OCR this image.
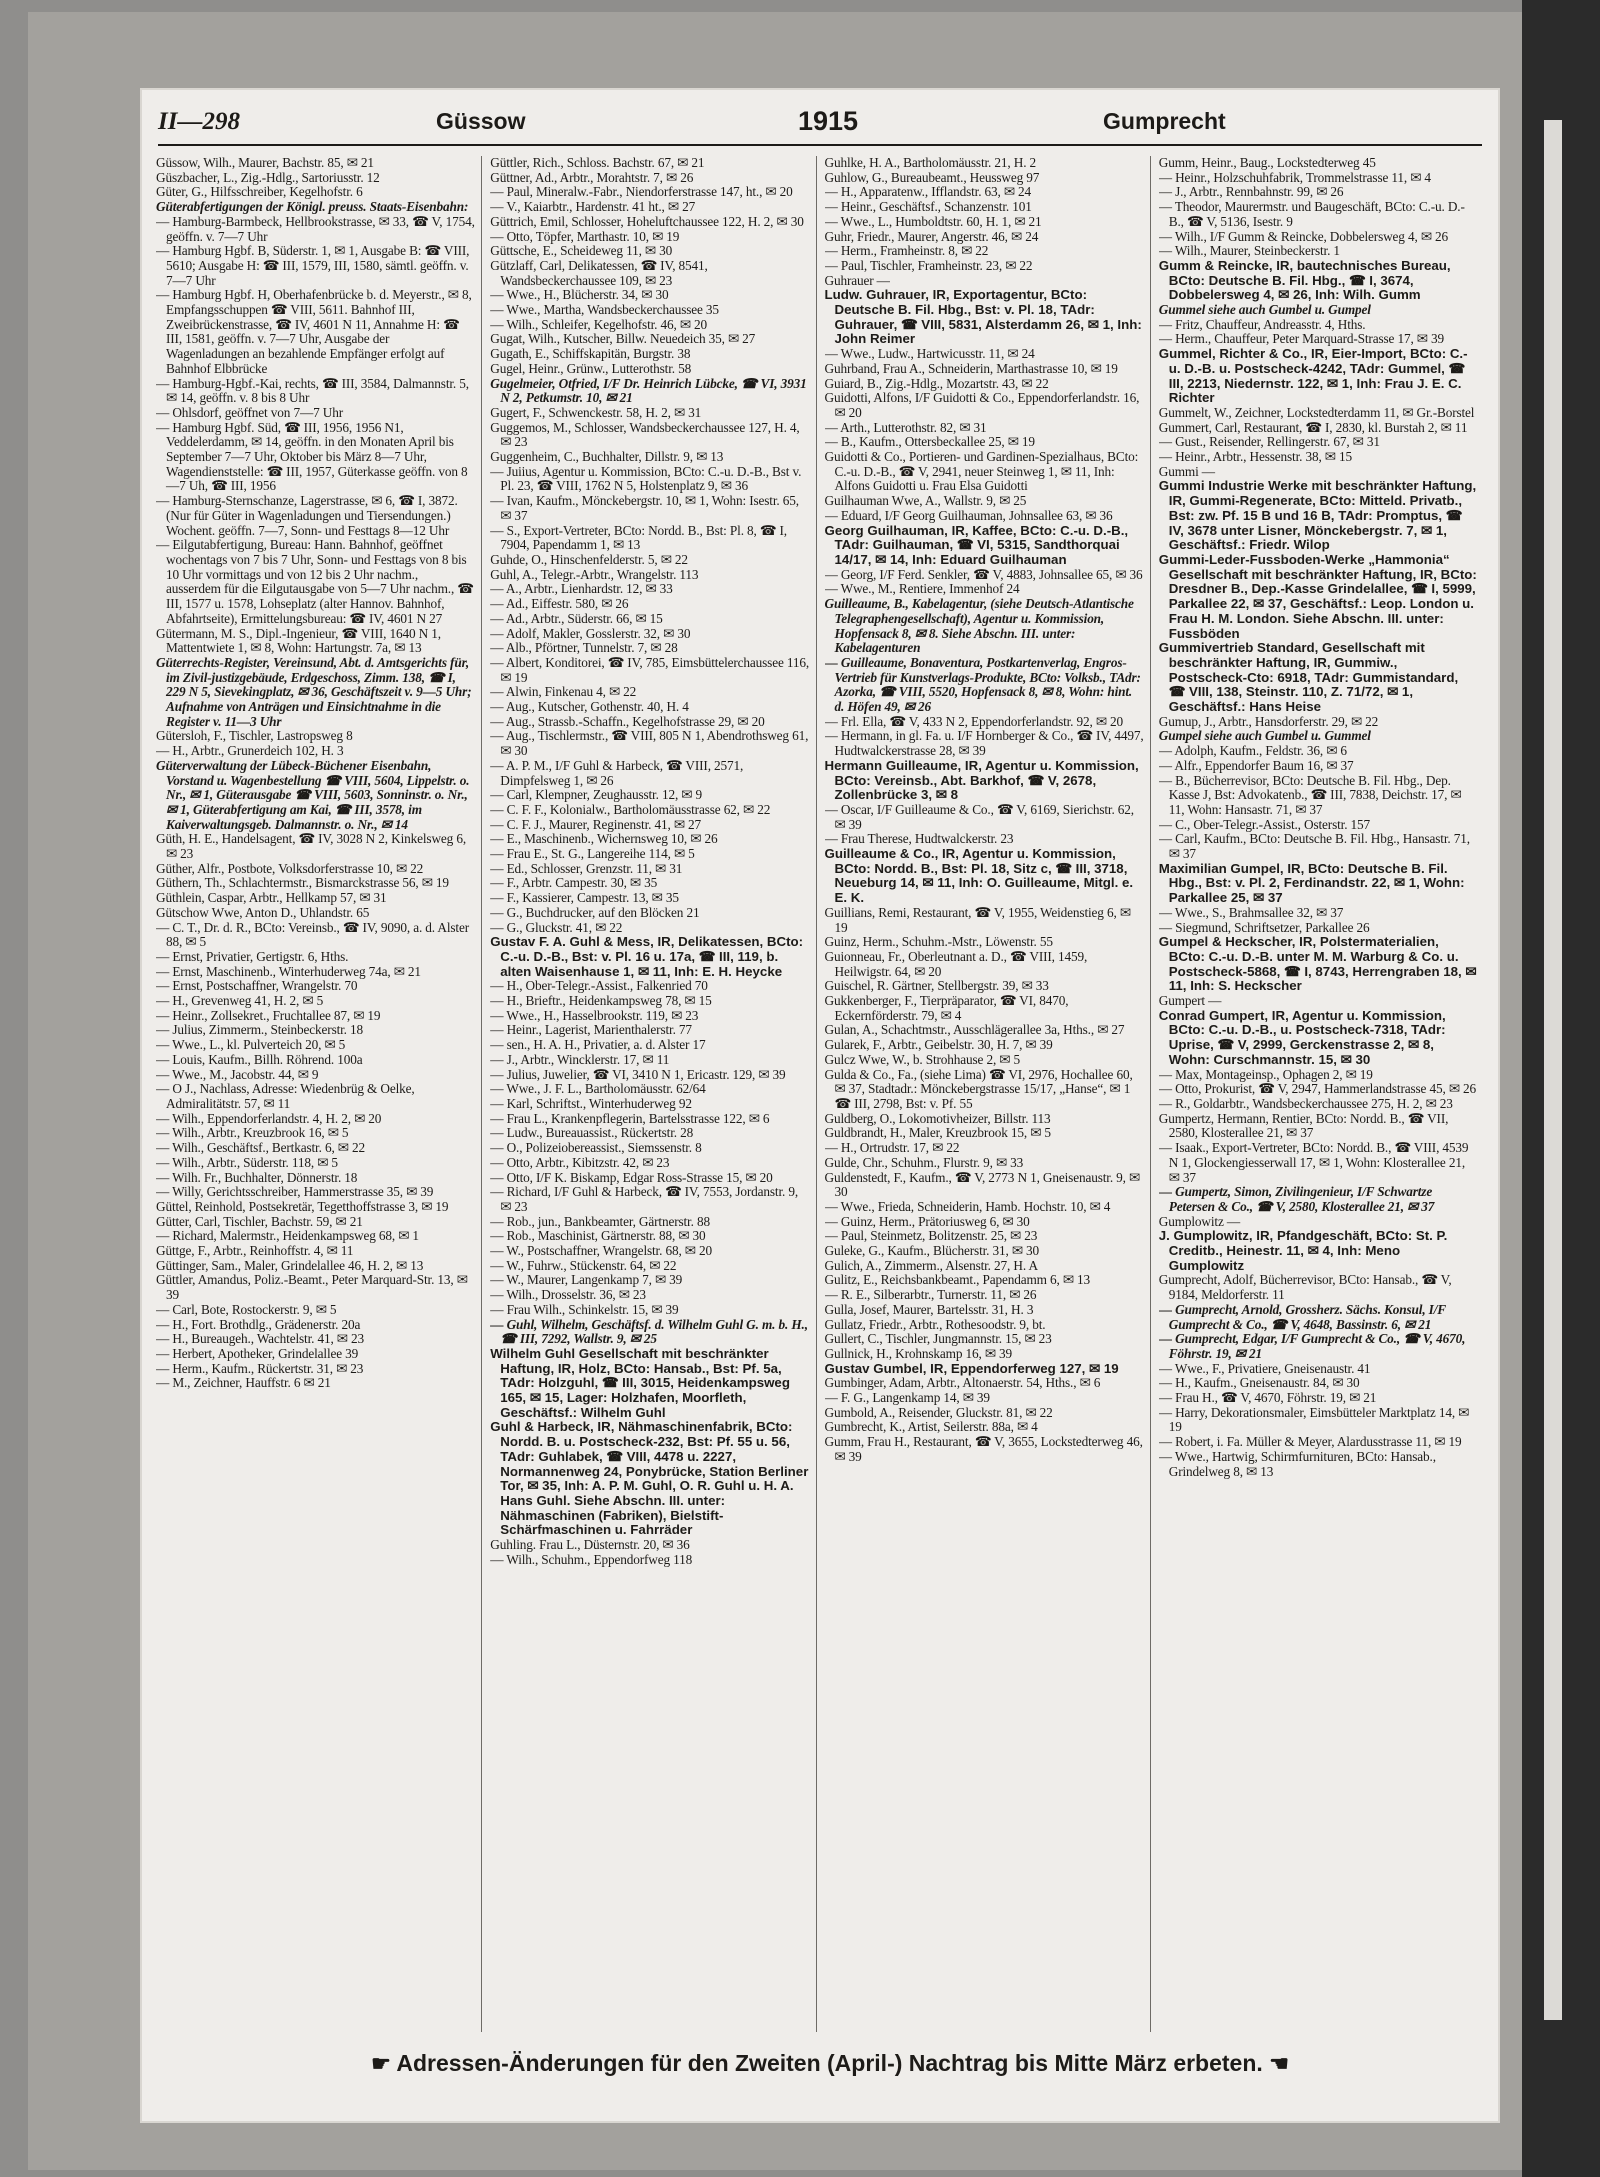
II—298	Güssow	1915	Gumprecht

Güssow, Wilh., Maurer, Bachstr. 85, ✉ 21

Güszbacher, L., Zig.-Hdlg., Sartoriusstr. 12

Güter, G., Hilfsschreiber, Kegelhofstr. 6

Güterabfertigungen der Königl. preuss. Staats-Eisenbahn:

— Hamburg-Barmbeck, Hellbrookstrasse, ✉ 33, ☎ V, 1754, geöffn. v. 7—7 Uhr

— Hamburg Hgbf. B, Süderstr. 1, ✉ 1, Ausgabe B: ☎ VIII, 5610; Ausgabe H: ☎ III, 1579, III, 1580, sämtl. geöffn. v. 7—7 Uhr

— Hamburg Hgbf. H, Oberhafenbrücke b. d. Meyerstr., ✉ 8, Empfangsschuppen ☎ VIII, 5611. Bahnhof III, Zweibrückenstrasse, ☎ IV, 4601 N 11, Annahme H: ☎ III, 1581, geöffn. v. 7—7 Uhr, Ausgabe der Wagenladungen an bezahlende Empfänger erfolgt auf Bahnhof Elbbrücke

— Hamburg-Hgbf.-Kai, rechts, ☎ III, 3584, Dalmannstr. 5, ✉ 14, geöffn. v. 8 bis 8 Uhr

— Ohlsdorf, geöffnet von 7—7 Uhr

— Hamburg Hgbf. Süd, ☎ III, 1956, 1956 N1, Veddelerdamm, ✉ 14, geöffn. in den Monaten April bis September 7—7 Uhr, Oktober bis März 8—7 Uhr, Wagendienststelle: ☎ III, 1957, Güterkasse geöffn. von 8—7 Uh, ☎ III, 1956

— Hamburg-Sternschanze, Lagerstrasse, ✉ 6, ☎ I, 3872. (Nur für Güter in Wagenladungen und Tiersendungen.) Wochent. geöffn. 7—7, Sonn- und Festtags 8—12 Uhr

— Eilgutabfertigung, Bureau: Hann. Bahnhof, geöffnet wochentags von 7 bis 7 Uhr, Sonn- und Festtags von 8 bis 10 Uhr vormittags und von 12 bis 2 Uhr nachm., ausserdem für die Eilgutausgabe von 5—7 Uhr nachm., ☎ III, 1577 u. 1578, Lohseplatz (alter Hannov. Bahnhof, Abfahrtseite), Ermittelungsbureau: ☎ IV, 4601 N 27

Gütermann, M. S., Dipl.-Ingenieur, ☎ VIII, 1640 N 1, Mattentwiete 1, ✉ 8, Wohn: Hartungstr. 7a, ✉ 13

Güterrechts-Register, Vereinsund, Abt. d. Amtsgerichts für, im Zivil-justizgebäude, Erdgeschoss, Zimm. 138, ☎ I, 229 N 5, Sievekingplatz, ✉ 36, Geschäftszeit v. 9—5 Uhr; Aufnahme von Anträgen und Einsichtnahme in die Register v. 11—3 Uhr

Gütersloh, F., Tischler, Lastropsweg 8

— H., Arbtr., Grunerdeich 102, H. 3

Güterverwaltung der Lübeck-Büchener Eisenbahn, Vorstand u. Wagenbestellung ☎ VIII, 5604, Lippelstr. o. Nr., ✉ 1, Güterausgabe ☎ VIII, 5603, Sonninstr. o. Nr., ✉ 1, Güterabfertigung am Kai, ☎ III, 3578, im Kaiverwaltungsgeb. Dalmannstr. o. Nr., ✉ 14

Güth, H. E., Handelsagent, ☎ IV, 3028 N 2, Kinkelsweg 6, ✉ 23

Güther, Alfr., Postbote, Volksdorferstrasse 10, ✉ 22

Güthern, Th., Schlachtermstr., Bismarckstrasse 56, ✉ 19

Güthlein, Caspar, Arbtr., Hellkamp 57, ✉ 31

Gütschow Wwe, Anton D., Uhlandstr. 65

— C. T., Dr. d. R., BCto: Vereinsb., ☎ IV, 9090, a. d. Alster 88, ✉ 5

— Ernst, Privatier, Gertigstr. 6, Hths.

— Ernst, Maschinenb., Winterhuderweg 74a, ✉ 21

— Ernst, Postschaffner, Wrangelstr. 70

— H., Grevenweg 41, H. 2, ✉ 5

— Heinr., Zollsekret., Fruchtallee 87, ✉ 19

— Julius, Zimmerm., Steinbeckerstr. 18

— Wwe., L., kl. Pulverteich 20, ✉ 5

— Louis, Kaufm., Billh. Röhrend. 100a

— Wwe., M., Jacobstr. 44, ✉ 9

— O J., Nachlass, Adresse: Wiedenbrüg & Oelke, Admiralitätstr. 57, ✉ 11

— Wilh., Eppendorferlandstr. 4, H. 2, ✉ 20

— Wilh., Arbtr., Kreuzbrook 16, ✉ 5

— Wilh., Geschäftsf., Bertkastr. 6, ✉ 22

— Wilh., Arbtr., Süderstr. 118, ✉ 5

— Wilh. Fr., Buchhalter, Dönnerstr. 18

— Willy, Gerichtsschreiber, Hammerstrasse 35, ✉ 39

Güttel, Reinhold, Postsekretär, Tegetthoffstrasse 3, ✉ 19

Gütter, Carl, Tischler, Bachstr. 59, ✉ 21

— Richard, Malermstr., Heidenkampsweg 68, ✉ 1

Güttge, F., Arbtr., Reinhoffstr. 4, ✉ 11

Güttinger, Sam., Maler, Grindelallee 46, H. 2, ✉ 13

Güttler, Amandus, Poliz.-Beamt., Peter Marquard-Str. 13, ✉ 39

— Carl, Bote, Rostockerstr. 9, ✉ 5

— H., Fort. Brothdlg., Grädenerstr. 20a

— H., Bureaugeh., Wachtelstr. 41, ✉ 23

— Herbert, Apotheker, Grindelallee 39

— Herm., Kaufm., Rückertstr. 31, ✉ 23

— M., Zeichner, Hauffstr. 6 ✉ 21

Güttler, Rich., Schloss. Bachstr. 67, ✉ 21

Güttner, Ad., Arbtr., Morahtstr. 7, ✉ 26

— Paul, Mineralw.-Fabr., Niendorferstrasse 147, ht., ✉ 20

— V., Kaiarbtr., Hardenstr. 41 ht., ✉ 27

Güttrich, Emil, Schlosser, Hoheluftchaussee 122, H. 2, ✉ 30

— Otto, Töpfer, Marthastr. 10, ✉ 19

Güttsche, E., Scheideweg 11, ✉ 30

Gützlaff, Carl, Delikatessen, ☎ IV, 8541, Wandsbeckerchaussee 109, ✉ 23

— Wwe., H., Blücherstr. 34, ✉ 30

— Wwe., Martha, Wandsbeckerchaussee 35

— Wilh., Schleifer, Kegelhofstr. 46, ✉ 20

Gugat, Wilh., Kutscher, Billw. Neuedeich 35, ✉ 27

Gugath, E., Schiffskapitän, Burgstr. 38

Gugel, Heinr., Grünw., Lutterothstr. 58

Gugelmeier, Otfried, I/F Dr. Heinrich Lübcke, ☎ VI, 3931 N 2, Petkumstr. 10, ✉ 21

Gugert, F., Schwenckestr. 58, H. 2, ✉ 31

Guggemos, M., Schlosser, Wandsbeckerchaussee 127, H. 4, ✉ 23

Guggenheim, C., Buchhalter, Dillstr. 9, ✉ 13

— Juiius, Agentur u. Kommission, BCto: C.-u. D.-B., Bst v. Pl. 23, ☎ VIII, 1762 N 5, Holstenplatz 9, ✉ 36

— Ivan, Kaufm., Mönckebergstr. 10, ✉ 1, Wohn: Isestr. 65, ✉ 37

— S., Export-Vertreter, BCto: Nordd. B., Bst: Pl. 8, ☎ I, 7904, Papendamm 1, ✉ 13

Guhde, O., Hinschenfelderstr. 5, ✉ 22

Guhl, A., Telegr.-Arbtr., Wrangelstr. 113

— A., Arbtr., Lienhardstr. 12, ✉ 33

— Ad., Eiffestr. 580, ✉ 26

— Ad., Arbtr., Süderstr. 66, ✉ 15

— Adolf, Makler, Gosslerstr. 32, ✉ 30

— Alb., Pförtner, Tunnelstr. 7, ✉ 28

— Albert, Konditorei, ☎ IV, 785, Eimsbüttelerchaussee 116, ✉ 19

— Alwin, Finkenau 4, ✉ 22

— Aug., Kutscher, Gothenstr. 40, H. 4

— Aug., Strassb.-Schaffn., Kegelhofstrasse 29, ✉ 20

— Aug., Tischlermstr., ☎ VIII, 805 N 1, Abendrothsweg 61, ✉ 30

— A. P. M., I/F Guhl & Harbeck, ☎ VIII, 2571, Dimpfelsweg 1, ✉ 26

— Carl, Klempner, Zeughausstr. 12, ✉ 9

— C. F. F., Kolonialw., Bartholomäusstrasse 62, ✉ 22

— C. F. J., Maurer, Reginenstr. 41, ✉ 27

— E., Maschinenb., Wichernsweg 10, ✉ 26

— Frau E., St. G., Langereihe 114, ✉ 5

— Ed., Schlosser, Grenzstr. 11, ✉ 31

— F., Arbtr. Campestr. 30, ✉ 35

— F., Kassierer, Campestr. 13, ✉ 35

— G., Buchdrucker, auf den Blöcken 21

— G., Gluckstr. 41, ✉ 22

Gustav F. A. Guhl & Mess, IR, Delikatessen, BCto: C.-u. D.-B., Bst: v. Pl. 16 u. 17a, ☎ III, 119, b. alten Waisenhause 1, ✉ 11, Inh: E. H. Heycke

— H., Ober-Telegr.-Assist., Falkenried 70

— H., Brieftr., Heidenkampsweg 78, ✉ 15

— Wwe., H., Hasselbrookstr. 119, ✉ 23

— Heinr., Lagerist, Marienthalerstr. 77

— sen., H. A. H., Privatier, a. d. Alster 17

— J., Arbtr., Wincklerstr. 17, ✉ 11

— Julius, Juwelier, ☎ VI, 3410 N 1, Ericastr. 129, ✉ 39

— Wwe., J. F. L., Bartholomäusstr. 62/64

— Karl, Schriftst., Winterhuderweg 92

— Frau L., Krankenpflegerin, Bartelsstrasse 122, ✉ 6

— Ludw., Bureauassist., Rückertstr. 28

— O., Polizeiobereassist., Siemssenstr. 8

— Otto, Arbtr., Kibitzstr. 42, ✉ 23

— Otto, I/F K. Biskamp, Edgar Ross-Strasse 15, ✉ 20

— Richard, I/F Guhl & Harbeck, ☎ IV, 7553, Jordanstr. 9, ✉ 23

— Rob., jun., Bankbeamter, Gärtnerstr. 88

— Rob., Maschinist, Gärtnerstr. 88, ✉ 30

— W., Postschaffner, Wrangelstr. 68, ✉ 20

— W., Fuhrw., Stückenstr. 64, ✉ 22

— W., Maurer, Langenkamp 7, ✉ 39

— Wilh., Drosselstr. 36, ✉ 23

— Frau Wilh., Schinkelstr. 15, ✉ 39

— Guhl, Wilhelm, Geschäftsf. d. Wilhelm Guhl G. m. b. H., ☎ III, 7292, Wallstr. 9, ✉ 25

Wilhelm Guhl Gesellschaft mit beschränkter Haftung, IR, Holz, BCto: Hansab., Bst: Pf. 5a, TAdr: Holzguhl, ☎ III, 3015, Heidenkampsweg 165, ✉ 15, Lager: Holzhafen, Moorfleth, Geschäftsf.: Wilhelm Guhl

Guhl & Harbeck, IR, Nähmaschinenfabrik, BCto: Nordd. B. u. Postscheck-232, Bst: Pf. 55 u. 56, TAdr: Guhlabek, ☎ VIII, 4478 u. 2227, Normannenweg 24, Ponybrücke, Station Berliner Tor, ✉ 35, Inh: A. P. M. Guhl, O. R. Guhl u. H. A. Hans Guhl. Siehe Abschn. III. unter: Nähmaschinen (Fabriken), Bielstift-Schärfmaschinen u. Fahrräder

Guhling. Frau L., Düsternstr. 20, ✉ 36

— Wilh., Schuhm., Eppendorfweg 118

Guhlke, H. A., Bartholomäusstr. 21, H. 2

Guhlow, G., Bureaubeamt., Heussweg 97

— H., Apparatenw., Ifflandstr. 63, ✉ 24

— Heinr., Geschäftsf., Schanzenstr. 101

— Wwe., L., Humboldtstr. 60, H. 1, ✉ 21

Guhr, Friedr., Maurer, Angerstr. 46, ✉ 24

— Herm., Framheinstr. 8, ✉ 22

— Paul, Tischler, Framheinstr. 23, ✉ 22

Guhrauer —

Ludw. Guhrauer, IR, Exportagentur, BCto: Deutsche B. Fil. Hbg., Bst: v. Pl. 18, TAdr: Guhrauer, ☎ VIII, 5831, Alsterdamm 26, ✉ 1, Inh: John Reimer

— Wwe., Ludw., Hartwicusstr. 11, ✉ 24

Guhrband, Frau A., Schneiderin, Marthastrasse 10, ✉ 19

Guiard, B., Zig.-Hdlg., Mozartstr. 43, ✉ 22

Guidotti, Alfons, I/F Guidotti & Co., Eppendorferlandstr. 16, ✉ 20

— Arth., Lutterothstr. 82, ✉ 31

— B., Kaufm., Ottersbeckallee 25, ✉ 19

Guidotti & Co., Portieren- und Gardinen-Spezialhaus, BCto: C.-u. D.-B., ☎ V, 2941, neuer Steinweg 1, ✉ 11, Inh: Alfons Guidotti u. Frau Elsa Guidotti

Guilhauman Wwe, A., Wallstr. 9, ✉ 25

— Eduard, I/F Georg Guilhauman, Johnsallee 63, ✉ 36

Georg Guilhauman, IR, Kaffee, BCto: C.-u. D.-B., TAdr: Guilhauman, ☎ VI, 5315, Sandthorquai 14/17, ✉ 14, Inh: Eduard Guilhauman

— Georg, I/F Ferd. Senkler, ☎ V, 4883, Johnsallee 65, ✉ 36

— Wwe., M., Rentiere, Immenhof 24

Guilleaume, B., Kabelagentur, (siehe Deutsch-Atlantische Telegraphengesellschaft), Agentur u. Kommission, Hopfensack 8, ✉ 8. Siehe Abschn. III. unter: Kabelagenturen

— Guilleaume, Bonaventura, Postkartenverlag, Engros-Vertrieb für Kunstverlags-Produkte, BCto: Volksb., TAdr: Azorka, ☎ VIII, 5520, Hopfensack 8, ✉ 8, Wohn: hint. d. Höfen 49, ✉ 26

— Frl. Ella, ☎ V, 433 N 2, Eppendorferlandstr. 92, ✉ 20

— Hermann, in gl. Fa. u. I/F Hornberger & Co., ☎ IV, 4497, Hudtwalckerstrasse 28, ✉ 39

Hermann Guilleaume, IR, Agentur u. Kommission, BCto: Vereinsb., Abt. Barkhof, ☎ V, 2678, Zollenbrücke 3, ✉ 8

— Oscar, I/F Guilleaume & Co., ☎ V, 6169, Sierichstr. 62, ✉ 39

— Frau Therese, Hudtwalckerstr. 23

Guilleaume & Co., IR, Agentur u. Kommission, BCto: Nordd. B., Bst: Pl. 18, Sitz c, ☎ III, 3718, Neueburg 14, ✉ 11, Inh: O. Guilleaume, Mitgl. e. E. K.

Guillians, Remi, Restaurant, ☎ V, 1955, Weidenstieg 6, ✉ 19

Guinz, Herm., Schuhm.-Mstr., Löwenstr. 55

Guionneau, Fr., Oberleutnant a. D., ☎ VIII, 1459, Heilwigstr. 64, ✉ 20

Guischel, R. Gärtner, Stellbergstr. 39, ✉ 33

Gukkenberger, F., Tierpräparator, ☎ VI, 8470, Eckernförderstr. 79, ✉ 4

Gulan, A., Schachtmstr., Ausschlägerallee 3a, Hths., ✉ 27

Gularek, F., Arbtr., Geibelstr. 30, H. 7, ✉ 39

Gulcz Wwe, W., b. Strohhause 2, ✉ 5

Gulda & Co., Fa., (siehe Lima) ☎ VI, 2976, Hochallee 60, ✉ 37, Stadtadr.: Mönckebergstrasse 15/17, „Hanse“, ✉ 1 ☎ III, 2798, Bst: v. Pf. 55

Guldberg, O., Lokomotivheizer, Billstr. 113

Guldbrandt, H., Maler, Kreuzbrook 15, ✉ 5

— H., Ortrudstr. 17, ✉ 22

Gulde, Chr., Schuhm., Flurstr. 9, ✉ 33

Guldenstedt, F., Kaufm., ☎ V, 2773 N 1, Gneisenaustr. 9, ✉ 30

— Wwe., Frieda, Schneiderin, Hamb. Hochstr. 10, ✉ 4

— Guinz, Herm., Prätoriusweg 6, ✉ 30

— Paul, Steinmetz, Bolitzenstr. 25, ✉ 23

Guleke, G., Kaufm., Blücherstr. 31, ✉ 30

Gulich, A., Zimmerm., Alsenstr. 27, H. A

Gulitz, E., Reichsbankbeamt., Papendamm 6, ✉ 13

— R. E., Silberarbtr., Turnerstr. 11, ✉ 26

Gulla, Josef, Maurer, Bartelsstr. 31, H. 3

Gullatz, Friedr., Arbtr., Rothesoodstr. 9, bt.

Gullert, C., Tischler, Jungmannstr. 15, ✉ 23

Gullnick, H., Krohnskamp 16, ✉ 39

Gustav Gumbel, IR, Eppendorferweg 127, ✉ 19

Gumbinger, Adam, Arbtr., Altonaerstr. 54, Hths., ✉ 6

— F. G., Langenkamp 14, ✉ 39

Gumbold, A., Reisender, Gluckstr. 81, ✉ 22

Gumbrecht, K., Artist, Seilerstr. 88a, ✉ 4

Gumm, Frau H., Restaurant, ☎ V, 3655, Lockstedterweg 46, ✉ 39

Gumm, Heinr., Baug., Lockstedterweg 45

— Heinr., Holzschuhfabrik, Trommelstrasse 11, ✉ 4

— J., Arbtr., Rennbahnstr. 99, ✉ 26

— Theodor, Maurermstr. und Baugeschäft, BCto: C.-u. D.-B., ☎ V, 5136, Isestr. 9

— Wilh., I/F Gumm & Reincke, Dobbelersweg 4, ✉ 26

— Wilh., Maurer, Steinbeckerstr. 1

Gumm & Reincke, IR, bautechnisches Bureau, BCto: Deutsche B. Fil. Hbg., ☎ I, 3674, Dobbelersweg 4, ✉ 26, Inh: Wilh. Gumm

Gummel siehe auch Gumbel u. Gumpel

— Fritz, Chauffeur, Andreasstr. 4, Hths.

— Herm., Chauffeur, Peter Marquard-Strasse 17, ✉ 39

Gummel, Richter & Co., IR, Eier-Import, BCto: C.-u. D.-B. u. Postscheck-4242, TAdr: Gummel, ☎ III, 2213, Niedernstr. 122, ✉ 1, Inh: Frau J. E. C. Richter

Gummelt, W., Zeichner, Lockstedterdamm 11, ✉ Gr.-Borstel

Gummert, Carl, Restaurant, ☎ I, 2830, kl. Burstah 2, ✉ 11

— Gust., Reisender, Rellingerstr. 67, ✉ 31

— Heinr., Arbtr., Hessenstr. 38, ✉ 15

Gummi —

Gummi Industrie Werke mit beschränkter Haftung, IR, Gummi-Regenerate, BCto: Mitteld. Privatb., Bst: zw. Pf. 15 B und 16 B, TAdr: Promptus, ☎ IV, 3678 unter Lisner, Mönckebergstr. 7, ✉ 1, Geschäftsf.: Friedr. Wilop

Gummi-Leder-Fussboden-Werke „Hammonia“ Gesellschaft mit beschränkter Haftung, IR, BCto: Dresdner B., Dep.-Kasse Grindelallee, ☎ I, 5999, Parkallee 22, ✉ 37, Geschäftsf.: Leop. London u. Frau H. M. London. Siehe Abschn. III. unter: Fussböden

Gummivertrieb Standard, Gesellschaft mit beschränkter Haftung, IR, Gummiw., Postscheck-Cto: 6918, TAdr: Gummistandard, ☎ VIII, 138, Steinstr. 110, Z. 71/72, ✉ 1, Geschäftsf.: Hans Heise

Gumup, J., Arbtr., Hansdorferstr. 29, ✉ 22

Gumpel siehe auch Gumbel u. Gummel

— Adolph, Kaufm., Feldstr. 36, ✉ 6

— Alfr., Eppendorfer Baum 16, ✉ 37

— B., Bücherrevisor, BCto: Deutsche B. Fil. Hbg., Dep. Kasse J, Bst: Advokatenb., ☎ III, 7838, Deichstr. 17, ✉ 11, Wohn: Hansastr. 71, ✉ 37

— C., Ober-Telegr.-Assist., Osterstr. 157

— Carl, Kaufm., BCto: Deutsche B. Fil. Hbg., Hansastr. 71, ✉ 37

Maximilian Gumpel, IR, BCto: Deutsche B. Fil. Hbg., Bst: v. Pl. 2, Ferdinandstr. 22, ✉ 1, Wohn: Parkallee 25, ✉ 37

— Wwe., S., Brahmsallee 32, ✉ 37

— Siegmund, Schriftsetzer, Parkallee 26

Gumpel & Heckscher, IR, Polstermaterialien, BCto: C.-u. D.-B. unter M. M. Warburg & Co. u. Postscheck-5868, ☎ I, 8743, Herrengraben 18, ✉ 11, Inh: S. Heckscher

Gumpert —

Conrad Gumpert, IR, Agentur u. Kommission, BCto: C.-u. D.-B., u. Postscheck-7318, TAdr: Uprise, ☎ V, 2999, Gerckenstrasse 2, ✉ 8, Wohn: Curschmannstr. 15, ✉ 30

— Max, Montageinsp., Ophagen 2, ✉ 19

— Otto, Prokurist, ☎ V, 2947, Hammerlandstrasse 45, ✉ 26

— R., Goldarbtr., Wandsbeckerchaussee 275, H. 2, ✉ 23

Gumpertz, Hermann, Rentier, BCto: Nordd. B., ☎ VII, 2580, Klosterallee 21, ✉ 37

— Isaak., Export-Vertreter, BCto: Nordd. B., ☎ VIII, 4539 N 1, Glockengiesserwall 17, ✉ 1, Wohn: Klosterallee 21, ✉ 37

— Gumpertz, Simon, Zivilingenieur, I/F Schwartze Petersen & Co., ☎ V, 2580, Klosterallee 21, ✉ 37

Gumplowitz —

J. Gumplowitz, IR, Pfandgeschäft, BCto: St. P. Creditb., Heinestr. 11, ✉ 4, Inh: Meno Gumplowitz

Gumprecht, Adolf, Bücherrevisor, BCto: Hansab., ☎ V, 9184, Meldorferstr. 11

— Gumprecht, Arnold, Grossherz. Sächs. Konsul, I/F Gumprecht & Co., ☎ V, 4648, Bassinstr. 6, ✉ 21

— Gumprecht, Edgar, I/F Gumprecht & Co., ☎ V, 4670, Föhrstr. 19, ✉ 21

— Wwe., F., Privatiere, Gneisenaustr. 41

— H., Kaufm., Gneisenaustr. 84, ✉ 30

— Frau H., ☎ V, 4670, Föhrstr. 19, ✉ 21

— Harry, Dekorationsmaler, Eimsbütteler Marktplatz 14, ✉ 19

— Robert, i. Fa. Müller & Meyer, Alardusstrasse 11, ✉ 19

— Wwe., Hartwig, Schirmfurnituren, BCto: Hansab., Grindelweg 8, ✉ 13

☛ Adressen-Änderungen für den Zweiten (April-) Nachtrag bis Mitte März erbeten. ☚
